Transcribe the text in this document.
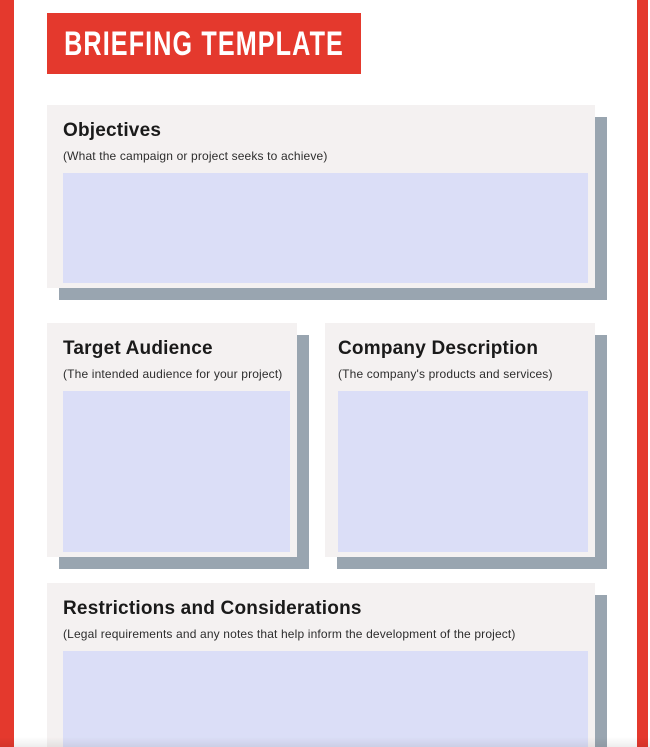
BRIEFING TEMPLATE
Objectives
(What the campaign or project seeks to achieve)
Target Audience
(The intended audience for your project)
Company Description
(The company's products and services)
Restrictions and Considerations
(Legal requirements and any notes that help inform the development of the project)
